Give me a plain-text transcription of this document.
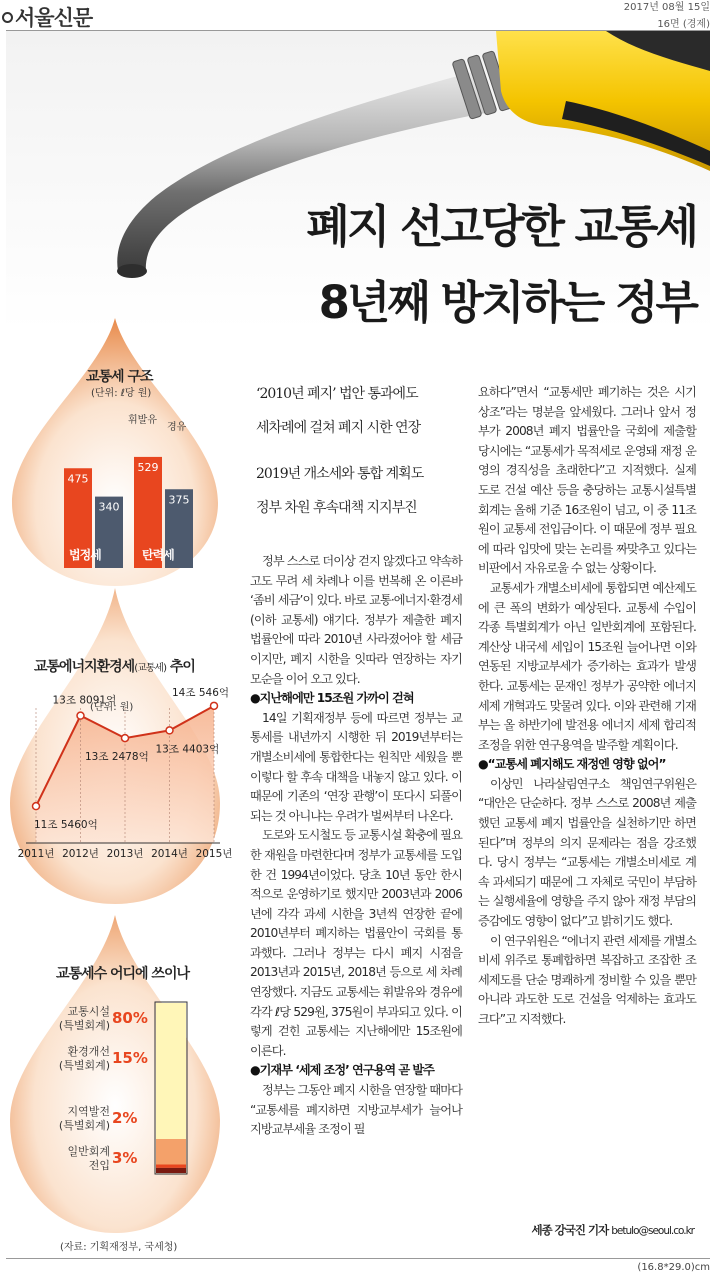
서울신문	2017년 08월 15일
16면 (경제)
폐지 선고당한 교통세
8년째 방치하는 정부
475
340
529
375
교통세 구조
(단위: ℓ당 원)
휘발유
경유
법정세	탄력세
11조 5460억
13조 8091억
13조 2478억
13조 4403억
14조 546억
2011년 2012년 2013년 2014년 2015년
교통에너지환경세(교통세) 추이
(단위: 원)
교통세수 어디에 쓰이나
교통시설
(특별회계) 80%
환경개선
(특별회계) 15%
지역발전
(특별회계) 2%
일반회계
전입 3%
(자료: 기획재정부, 국세청)
‘2010년 폐지’ 법안 통과에도
세차례에 걸쳐 폐지 시한 연장
2019년 개소세와 통합 계획도
정부 차원 후속대책 지지부진

정부 스스로 더이상 걷지 않겠다고 약속하고도 무려 세 차례나 이를 번복해 온 이른바 ‘좀비 세금’이 있다. 바로 교통·에너지·환경세(이하 교통세) 얘기다. 정부가 제출한 폐지 법률안에 따라 2010년 사라졌어야 할 세금이지만, 폐지 시한을 잇따라 연장하는 자기모순을 이어 오고 있다.

●지난해에만 15조원 가까이 걷혀

14일 기획재정부 등에 따르면 정부는 교통세를 내년까지 시행한 뒤 2019년부터는 개별소비세에 통합한다는 원칙만 세웠을 뿐 이렇다 할 후속 대책을 내놓지 않고 있다. 이 때문에 기존의 ‘연장 관행’이 또다시 되풀이되는 것 아니냐는 우려가 벌써부터 나온다.

도로와 도시철도 등 교통시설 확충에 필요한 재원을 마련한다며 정부가 교통세를 도입한 건 1994년이었다. 당초 10년 동안 한시적으로 운영하기로 했지만 2003년과 2006년에 각각 과세 시한을 3년씩 연장한 끝에 2010년부터 폐지하는 법률안이 국회를 통과했다. 그러나 정부는 다시 폐지 시점을 2013년과 2015년, 2018년 등으로 세 차례 연장했다. 지금도 교통세는 휘발유와 경유에 각각 ℓ당 529원, 375원이 부과되고 있다. 이렇게 걷힌 교통세는 지난해에만 15조원에 이른다.

●기재부 ‘세제 조정’ 연구용역 곧 발주

정부는 그동안 폐지 시한을 연장할 때마다 “교통세를 폐지하면 지방교부세가 늘어나 지방교부세율 조정이 필

요하다”면서 “교통세만 폐기하는 것은 시기상조”라는 명분을 앞세웠다. 그러나 앞서 정부가 2008년 폐지 법률안을 국회에 제출할 당시에는 “교통세가 목적세로 운영돼 재정 운영의 경직성을 초래한다”고 지적했다. 실제 도로 건설 예산 등을 충당하는 교통시설특별회계는 올해 기준 16조원이 넘고, 이 중 11조원이 교통세 전입금이다. 이 때문에 정부 필요에 따라 입맛에 맞는 논리를 짜맞추고 있다는 비판에서 자유로울 수 없는 상황이다.

교통세가 개별소비세에 통합되면 예산제도에 큰 폭의 변화가 예상된다. 교통세 수입이 각종 특별회계가 아닌 일반회계에 포함된다. 계산상 내국세 세입이 15조원 늘어나면 이와 연동된 지방교부세가 증가하는 효과가 발생한다. 교통세는 문재인 정부가 공약한 에너지 세제 개혁과도 맞물려 있다. 이와 관련해 기재부는 올 하반기에 발전용 에너지 세제 합리적 조정을 위한 연구용역을 발주할 계획이다.

●“교통세 폐지해도 재정엔 영향 없어”

이상민 나라살림연구소 책임연구위원은 “대안은 단순하다. 정부 스스로 2008년 제출했던 교통세 폐지 법률안을 실천하기만 하면 된다”며 정부의 의지 문제라는 점을 강조했다. 당시 정부는 “교통세는 개별소비세로 계속 과세되기 때문에 그 자체로 국민이 부담하는 실행세율에 영향을 주지 않아 재정 부담의 증감에도 영향이 없다”고 밝히기도 했다.

이 연구위원은 “에너지 관련 세제를 개별소비세 위주로 통폐합하면 복잡하고 조잡한 조세제도를 단순 명쾌하게 정비할 수 있을 뿐만 아니라 과도한 도로 건설을 억제하는 효과도 크다”고 지적했다.

세종 강국진 기자 betulo@seoul.co.kr
(16.8*29.0)cm
